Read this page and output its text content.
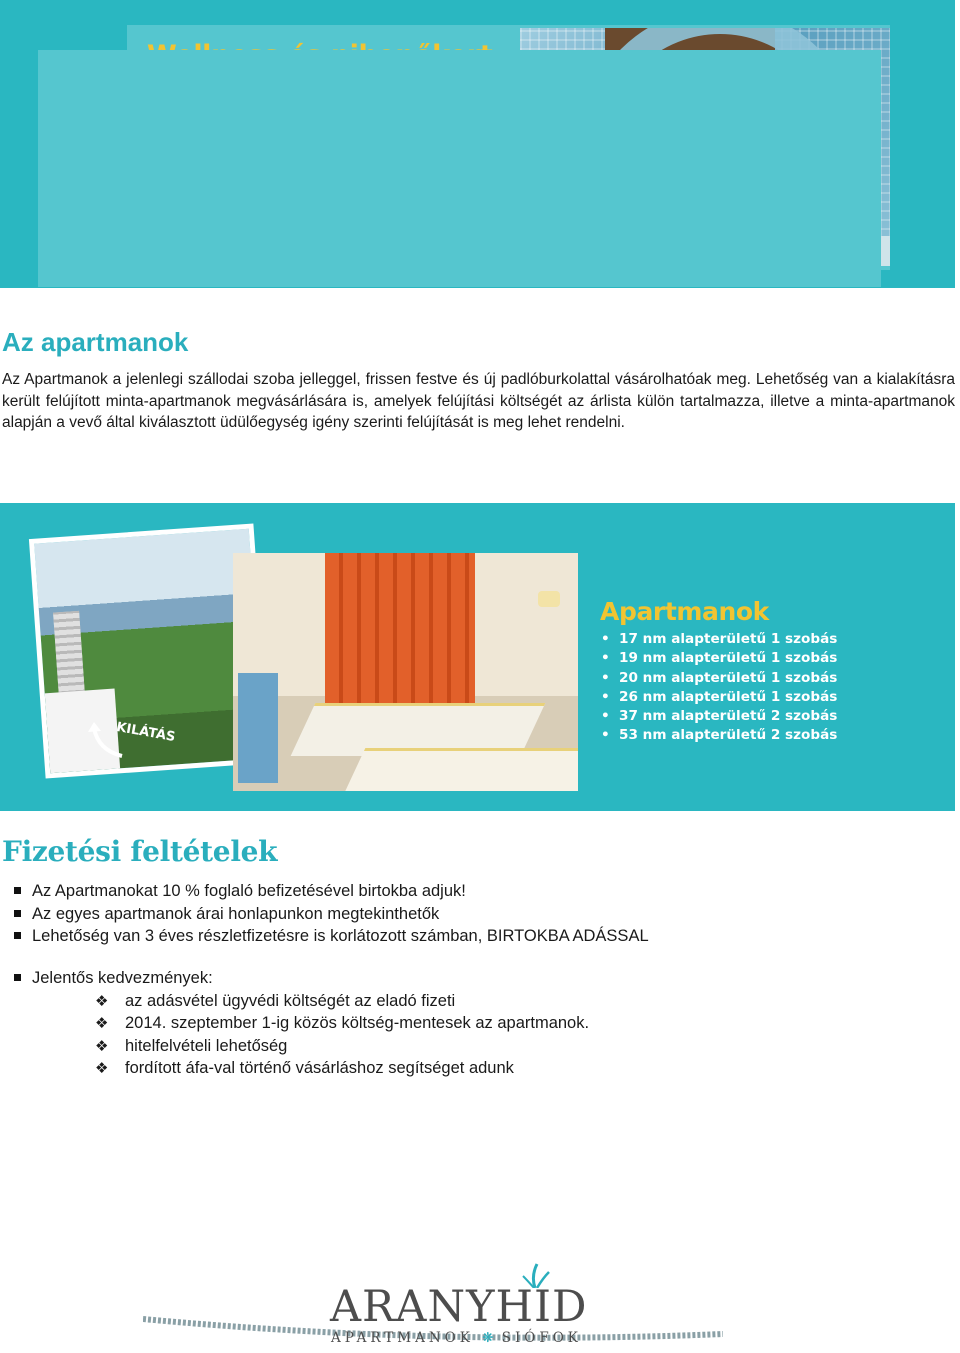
•
•
•
•
Az apartmanok

Az Apartmanok a jelenlegi szállodai szoba jelleggel, frissen festve és új padlóburkolattal vásárolhatóak meg. Lehetőség van a kialakításra került felújított minta-apartmanok megvásárlására is, amelyek felújítási költségét az árlista külön tartalmazza, illetve a minta-apartmanok alapján a vevő által kiválasztott üdülőegység igény szerinti felújítását is meg lehet rendelni.

KILÁTÁS

Apartmanok
• 17 nm alapterületű 1 szobás
• 19 nm alapterületű 1 szobás
• 20 nm alapterületű 1 szobás
• 26 nm alapterületű 1 szobás
• 37 nm alapterületű 2 szobás
• 53 nm alapterületű 2 szobás
Fizetési feltételek
Az Apartmanokat 10 % foglaló befizetésével birtokba adjuk!
Az egyes apartmanok árai honlapunkon megtekinthetők
Lehetőség van 3 éves részletfizetésre is korlátozott számban, BIRTOKBA ADÁSSAL
Jelentős kedvezmények:
❖ az adásvétel ügyvédi költségét az eladó fizeti
❖ 2014. szeptember 1-ig közös költség-mentesek az apartmanok.
❖ hitelfelvételi lehetőség
❖ fordított áfa-val történő vásárláshoz segítséget adunk

ARANYHID

APARTMANOK ❋ SIÓFOK
